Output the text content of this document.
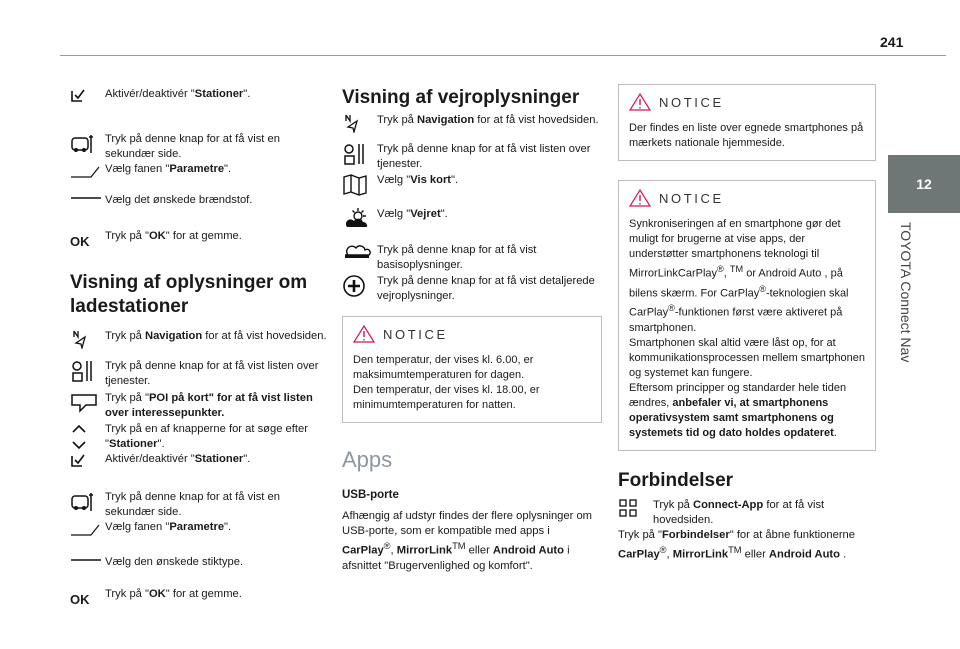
241
12
TOYOTA Connect Nav

Aktivér/deaktivér "Stationer".

Tryk på denne knap for at få vist en sekundær side.
Vælg fanen "Parametre".

Vælg det ønskede brændstof.

OK Tryk på "OK" for at gemme.

Visning af oplysninger om ladestationer

Tryk på Navigation for at få vist hovedsiden.

Tryk på denne knap for at få vist listen over tjenester.

Tryk på "POI på kort" for at få vist listen over interessepunkter.

Tryk på en af knapperne for at søge efter "Stationer".

Aktivér/deaktivér "Stationer".

Tryk på denne knap for at få vist en sekundær side.
Vælg fanen "Parametre".

Vælg den ønskede stiktype.

OK Tryk på "OK" for at gemme.

Visning af vejroplysninger

Tryk på Navigation for at få vist hovedsiden.

Tryk på denne knap for at få vist listen over tjenester.

Vælg "Vis kort".

Vælg "Vejret".

Tryk på denne knap for at få vist basisoplysninger.

Tryk på denne knap for at få vist detaljerede vejroplysninger.

NOTICE

Den temperatur, der vises kl. 6.00, er maksimumtemperaturen for dagen.
Den temperatur, der vises kl. 18.00, er minimumtemperaturen for natten.

Apps
USB-porte

Afhængig af udstyr findes der flere oplysninger om USB-porte, som er kompatible med apps i CarPlay®, MirrorLink™ eller Android Auto i afsnittet "Brugervenlighed og komfort".

NOTICE

Der findes en liste over egnede smartphones på mærkets nationale hjemmeside.

NOTICE

Synkroniseringen af en smartphone gør det muligt for brugerne at vise apps, der understøtter smartphonens teknologi til MirrorLinkCarPlay®, ™ or Android Auto , på bilens skærm. For CarPlay®-teknologien skal CarPlay®-funktionen først være aktiveret på smartphonen.
Smartphonen skal altid være låst op, for at kommunikationsprocessen mellem smartphonen og systemet kan fungere.
Eftersom principper og standarder hele tiden ændres, anbefaler vi, at smartphonens operativsystem samt smartphonens og systemets tid og dato holdes opdateret.

Forbindelser

Tryk på Connect-App for at få vist hovedsiden.

Tryk på "Forbindelser" for at åbne funktionerne CarPlay®, MirrorLink™ eller Android Auto .
